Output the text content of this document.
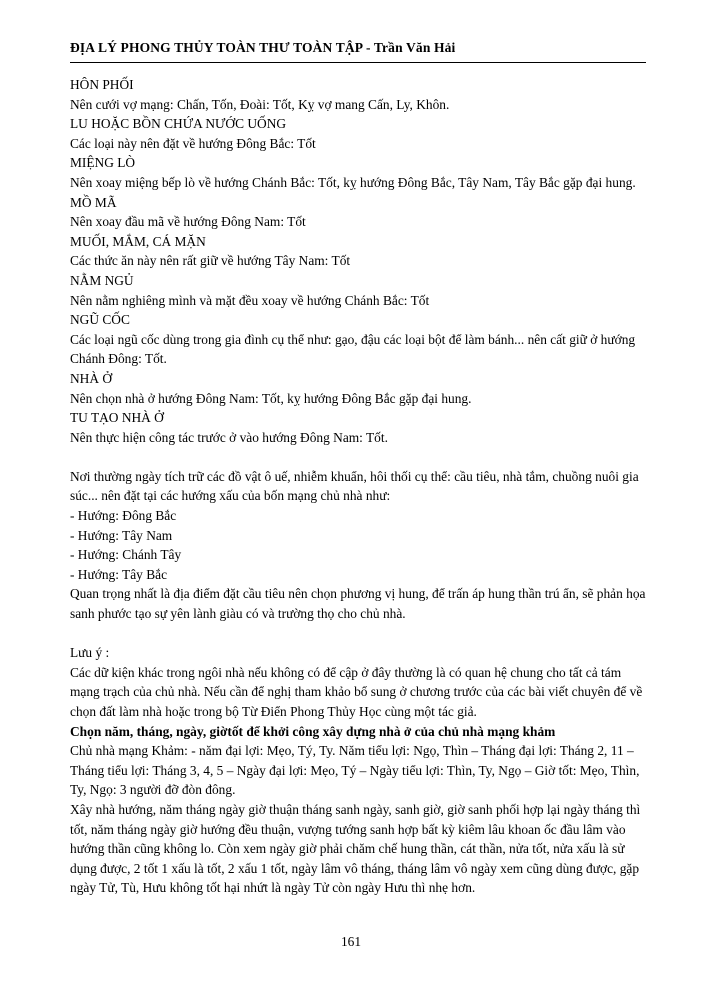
ĐỊA LÝ PHONG THỦY TOÀN THƯ TOÀN TẬP - Trần Văn Hải
HÔN PHỐI
Nên cưới vợ mạng: Chấn, Tốn, Đoài: Tốt, Kỵ vợ mang Cấn, Ly, Khôn.
LU HOẶC BỒN CHỨA NƯỚC UỐNG
Các loại này nên đặt về hướng Đông Bắc: Tốt
MIỆNG LÒ
Nên xoay miệng bếp lò về hướng Chánh Bắc: Tốt, kỵ hướng Đông Bắc, Tây Nam, Tây Bắc gặp đại hung.
MỒ MÃ
Nên xoay đầu mã về hướng Đông Nam: Tốt
MUỐI, MẮM, CÁ MẶN
Các thức ăn này nên rất giữ về hướng Tây Nam: Tốt
NẰM NGỦ
Nên nằm nghiêng mình và mặt đều xoay về hướng Chánh Bắc: Tốt
NGŨ CỐC
Các loại ngũ cốc dùng trong gia đình cụ thể như: gạo, đậu các loại bột để làm bánh... nên cất giữ ở hướng Chánh Đông: Tốt.
NHÀ Ở
Nên chọn nhà ở hướng Đông Nam: Tốt, kỵ hướng Đông Bắc gặp đại hung.
TU TẠO NHÀ Ở
Nên thực hiện công tác trước ở vào hướng Đông Nam: Tốt.

Nơi thường ngày tích trữ các đồ vật ô uế, nhiễm khuẩn, hôi thối cụ thể: cầu tiêu, nhà tắm, chuồng nuôi gia súc... nên đặt tại các hướng xấu của bốn mạng chủ nhà như:

- Hướng: Đông Bắc
- Hướng: Tây Nam
- Hướng: Chánh Tây
- Hướng: Tây Bắc

Quan trọng nhất là địa điểm đặt cầu tiêu nên chọn phương vị hung, để trấn áp hung thần trú ẩn, sẽ phản họa sanh phước tạo sự yên lành giàu có và trường thọ cho chủ nhà.

Lưu ý :

Các dữ kiện khác trong ngôi nhà nếu không có để cập ở đây thường là có quan hệ chung cho tất cả tám mạng trạch của chủ nhà. Nếu cần để nghị tham khảo bổ sung ở chương trước của các bài viết chuyên để về chọn đất làm nhà hoặc trong bộ Từ Điển Phong Thủy Học cùng một tác giả.

Chọn năm, tháng, ngày, giờtốt để khởi công xây dựng nhà ở của chủ nhà mạng khảm

Chủ nhà mạng Khảm: - năm đại lợi: Mẹo, Tý, Ty. Năm tiểu lợi: Ngọ, Thìn – Tháng đại lợi: Tháng 2, 11 – Tháng tiểu lợi: Tháng 3, 4, 5 – Ngày đại lợi: Mẹo, Tý – Ngày tiểu lợi: Thìn, Ty, Ngọ – Giờ tốt: Mẹo, Thìn, Ty, Ngọ: 3 người đỡ đòn đông.

Xây nhà hướng, năm tháng ngày giờ thuận tháng sanh ngày, sanh giờ, giờ sanh phối hợp lại ngày tháng thì tốt, năm tháng ngày giờ hướng đều thuận, vượng tướng sanh hợp bất kỳ kiêm lâu khoan ốc đầu lâm vào hướng thần cũng không lo. Còn xem ngày giờ phải chăm chế hung thần, cát thần, nửa tốt, nửa xấu là sử dụng được, 2 tốt 1 xấu là tốt, 2 xấu 1 tốt, ngày lâm vô tháng, tháng lâm vô ngày xem cũng dùng được, gặp ngày Tử, Tù, Hưu không tốt hại nhứt là ngày Tử còn ngày Hưu thì nhẹ hơn.

161
